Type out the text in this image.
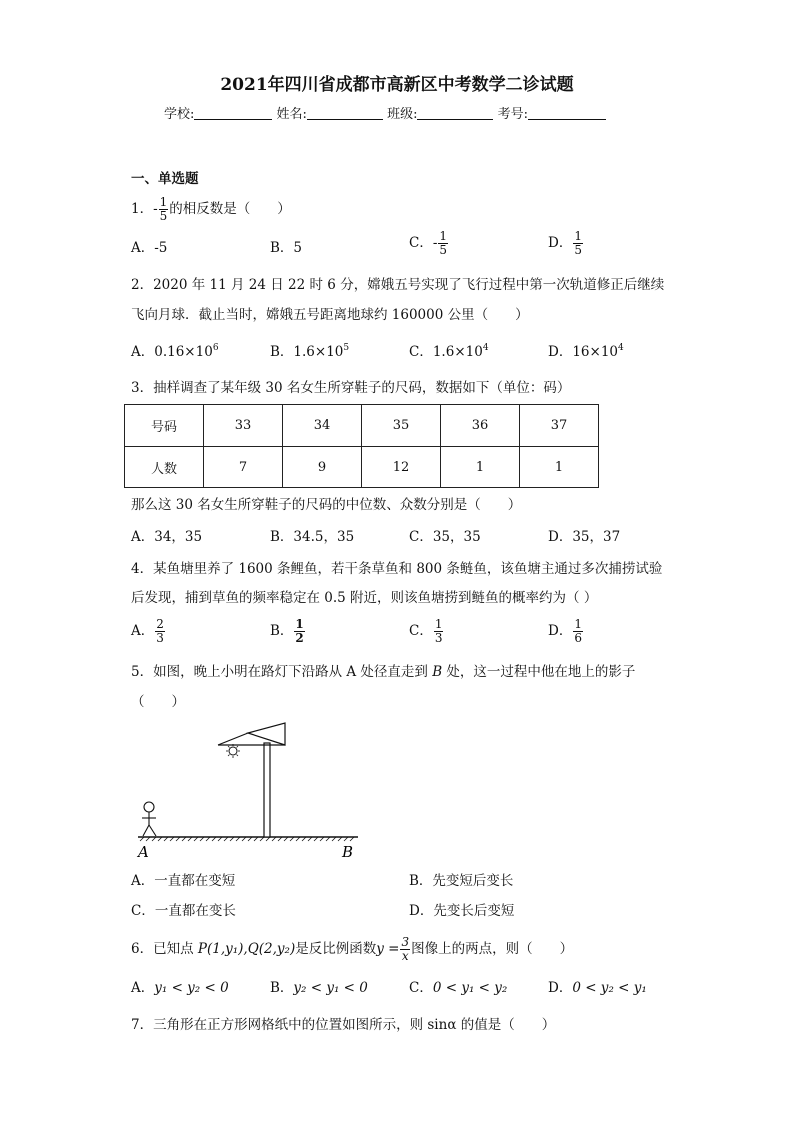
2021年四川省成都市高新区中考数学二诊试题
学校:	姓名:	班级:	考号:
一、单选题
1．- $\frac{1}{5}$ 的相反数是（　　）
A．-5	B．5	C．- $\frac{1}{5}$	D． $\frac{1}{5}$
2．2020 年 11 月 24 日 22 时 6 分，嫦娥五号实现了飞行过程中第一次轨道修正后继续
飞向月球．截止当时，嫦娥五号距离地球约 160000 公里（　　）
A．$0.16\times 10^6$	B．$1.6\times 10^5$	C．$1.6\times 10^4$	D．$16\times 10^4$
3．抽样调查了某年级 30 名女生所穿鞋子的尺码，数据如下（单位：码）
号码	33	34	35	36	37
人数	7	9	12	1	1
那么这 30 名女生所穿鞋子的尺码的中位数、众数分别是（　　）
A．34，35	B．34.5，35	C．35，35	D．35，37
4．某鱼塘里养了 1600 条鲤鱼，若干条草鱼和 800 条鲢鱼，该鱼塘主通过多次捕捞试验
后发现，捕到草鱼的频率稳定在 0.5 附近，则该鱼塘捞到鲢鱼的概率约为（ ）
A． $\frac{2}{3}$	B． $\frac{1}{2}$	C． $\frac{1}{3}$	D． $\frac{1}{6}$
5．如图，晚上小明在路灯下沿路从 A 处径直走到 B 处，这一过程中他在地上的影子
（　　）
A	B
A．一直都在变短	B．先变短后变长
C．一直都在变长	D．先变长后变短
6．已知点 P(1,y₁),Q(2,y₂)是反比例函数$y = \frac{3}{x}$ 图像上的两点，则（　　）
A．y₁ < y₂ < 0	B．y₂ < y₁ < 0	C．0 < y₁ < y₂	D．0 < y₂ < y₁
7．三角形在正方形网格纸中的位置如图所示，则 sinα 的值是（　　）
